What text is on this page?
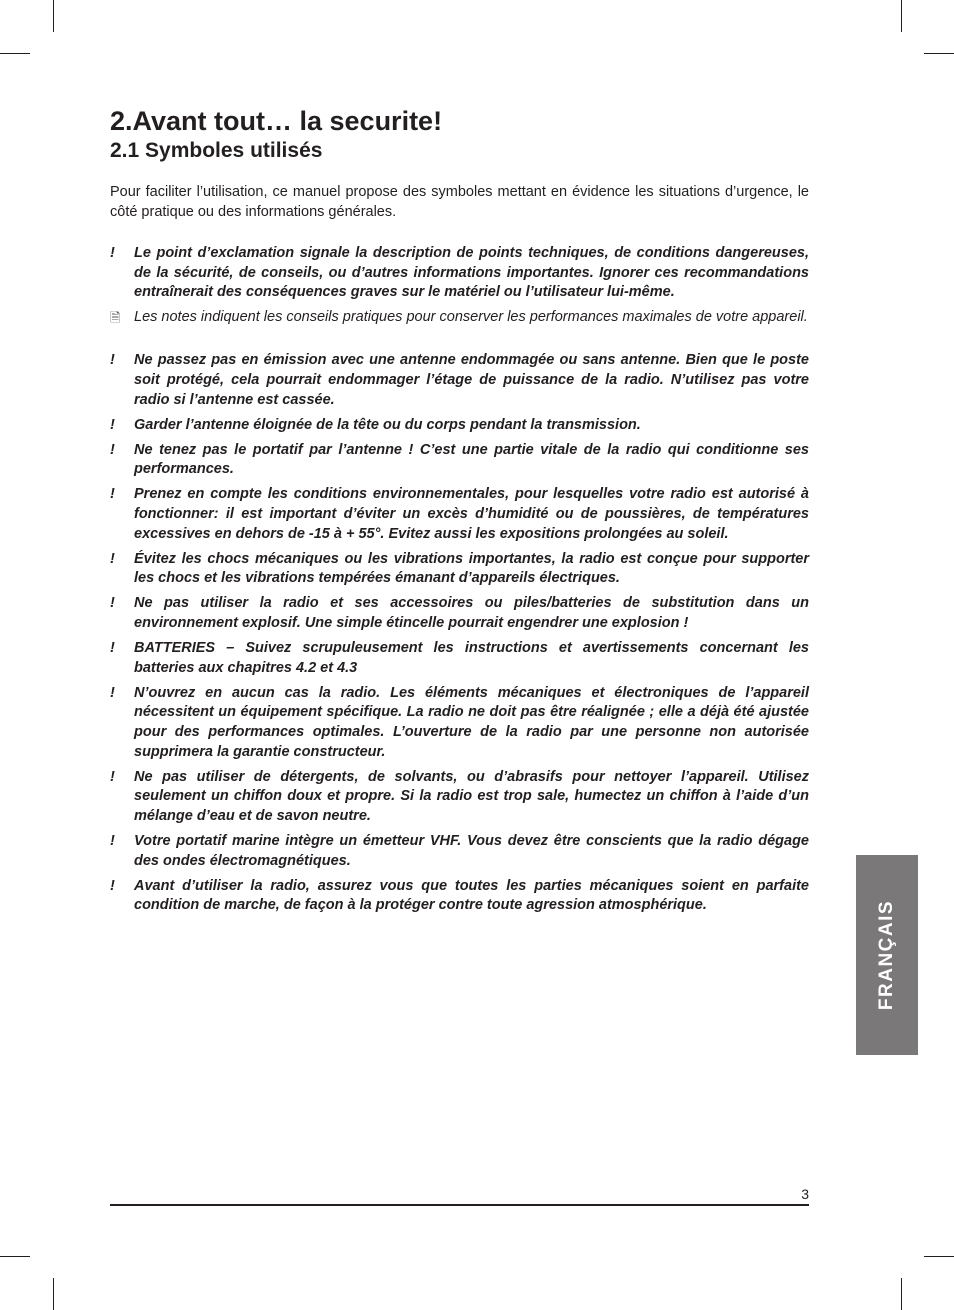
2.Avant tout… la securite!
2.1 Symboles utilisés

Pour faciliter l’utilisation, ce manuel propose des symboles mettant en évidence les situations d’urgence, le côté pratique ou des informations générales.

!	Le point d’exclamation signale la description de points techniques, de conditions dangereuses, de la sécurité, de conseils, ou d’autres informations importantes. Ignorer ces recommandations entraînerait des conséquences graves sur le matériel ou l’utilisateur lui-même.
🗎 Les notes indiquent les conseils pratiques pour conserver les performances maximales de votre appareil.
!	Ne passez pas en émission avec une antenne endommagée ou sans antenne. Bien que le poste soit protégé, cela pourrait endommager l’étage de puissance de la radio. N’utilisez pas votre radio si l’antenne est cassée.
!	Garder l’antenne éloignée de la tête ou du corps pendant la transmission.
!	Ne tenez pas le portatif par l’antenne ! C’est une partie vitale de la radio qui conditionne ses performances.
!	Prenez en compte les conditions environnementales, pour lesquelles votre radio est autorisé à fonctionner: il est important d’éviter un excès d’humidité ou de poussières, de températures excessives en dehors de -15 à + 55°. Evitez aussi les expositions prolongées au soleil.
!	Évitez les chocs mécaniques ou les vibrations importantes, la radio est conçue pour supporter les chocs et les vibrations tempérées émanant d’appareils électriques.
!	Ne pas utiliser la radio et ses accessoires ou piles/batteries de substitution dans un environnement explosif. Une simple étincelle pourrait engendrer une explosion !
!	BATTERIES – Suivez scrupuleusement les instructions et avertissements concernant les batteries aux chapitres 4.2 et 4.3
!	N’ouvrez en aucun cas la radio. Les éléments mécaniques et électroniques de l’appareil nécessitent un équipement spécifique. La radio ne doit pas être réalignée ; elle a déjà été ajustée pour des performances optimales. L’ouverture de la radio par une personne non autorisée supprimera la garantie constructeur.
!	Ne pas utiliser de détergents, de solvants, ou d’abrasifs pour nettoyer l’appareil. Utilisez seulement un chiffon doux et propre. Si la radio est trop sale, humectez un chiffon à l’aide d’un mélange d’eau et de savon neutre.
!	Votre portatif marine intègre un émetteur VHF. Vous devez être conscients que la radio dégage des ondes électromagnétiques.
!	Avant d’utiliser la radio, assurez vous que toutes les parties mécaniques soient en parfaite condition de marche, de façon à la protéger contre toute agression atmosphérique.
3
FRANÇAIS
